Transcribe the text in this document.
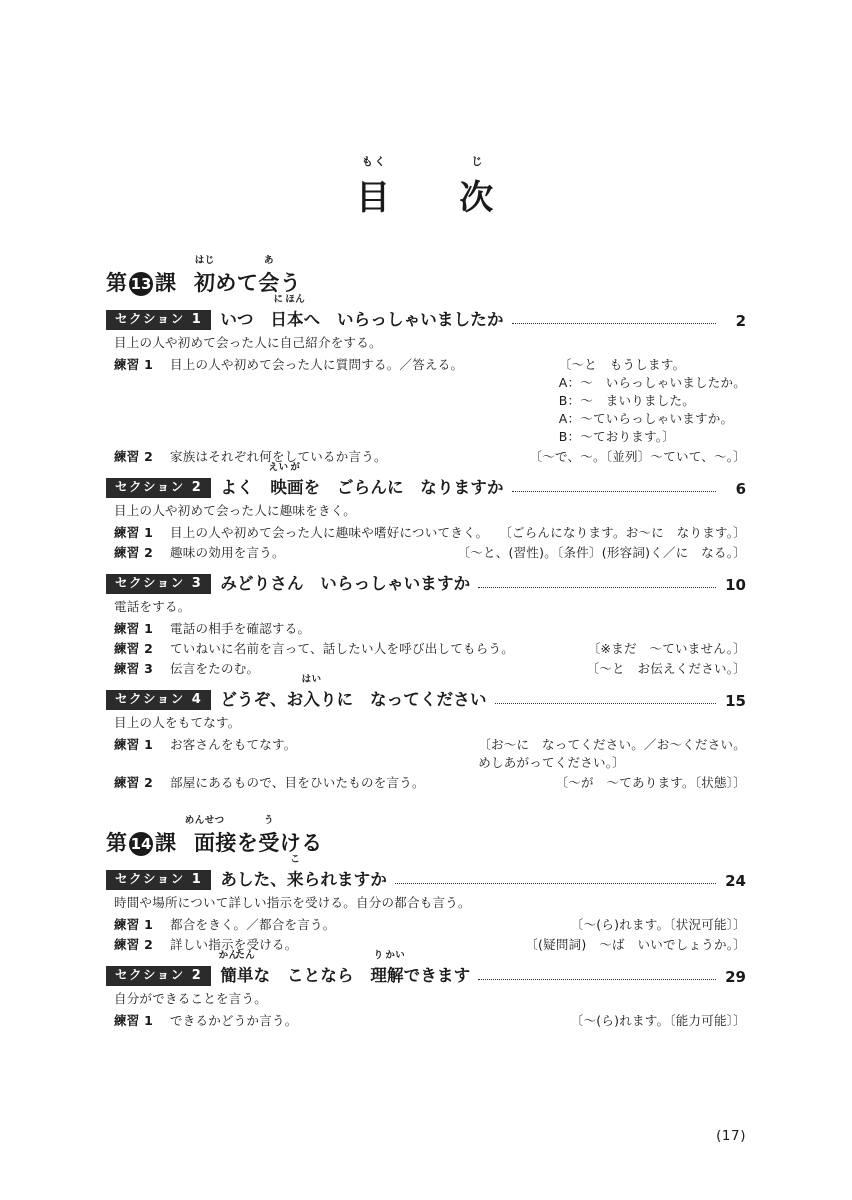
もく
目
じ
次
第 13 課
はじ
初めて
あ
会う
セクション 1	いつ　
に
日
ほん
本へ　いらっしゃいましたか	2
目上の人や初めて会った人に自己紹介をする。
練習 1	目上の人や初めて会った人に質問する。／答える。	〔～と　もうします。
A：～　いらっしゃいましたか。
B：～　まいりました。
A：～ていらっしゃいますか。
B：～ております。〕
練習 2	家族はそれぞれ何をしているか言う。	〔～で、～。〔並列〕～ていて、～。〕
セクション 2	よく　
えい
映
が
画を　ごらんに　なりますか	6
目上の人や初めて会った人に趣味をきく。
練習 1	目上の人や初めて会った人に趣味や嗜好についてきく。 〔ごらんになります。お～に　なります。〕
練習 2	趣味の効用を言う。	〔～と、(習性)。〔条件〕(形容詞)く／に　なる。〕
セクション 3	みどりさん　いらっしゃいますか	10
電話をする。
練習 1	電話の相手を確認する。
練習 2	ていねいに名前を言って、話したい人を呼び出してもらう。	〔※まだ　～ていません。〕
練習 3	伝言をたのむ。	〔～と　お伝えください。〕
セクション 4	どうぞ、お
はい
入りに　なってください	15
目上の人をもてなす。
練習 1	お客さんをもてなす。	〔お～に　なってください。／お～ください。
めしあがってください。〕
練習 2	部屋にあるもので、目をひいたものを言う。	〔～が　～てあります。〔状態〕〕
第 14 課
めんせつ
面接を
う
受ける
セクション 1	あした、
こ
来られますか	24
時間や場所について詳しい指示を受ける。自分の都合も言う。
練習 1	都合をきく。／都合を言う。	〔～(ら)れます。〔状況可能〕〕
練習 2	詳しい指示を受ける。	〔(疑問詞)　～ば　いいでしょうか。〕
セクション 2
かん
簡
たん
単な　ことなら　
り
理
かい
解できます	29
自分ができることを言う。
練習 1	できるかどうか言う。	〔～(ら)れます。〔能力可能〕〕
(17)
